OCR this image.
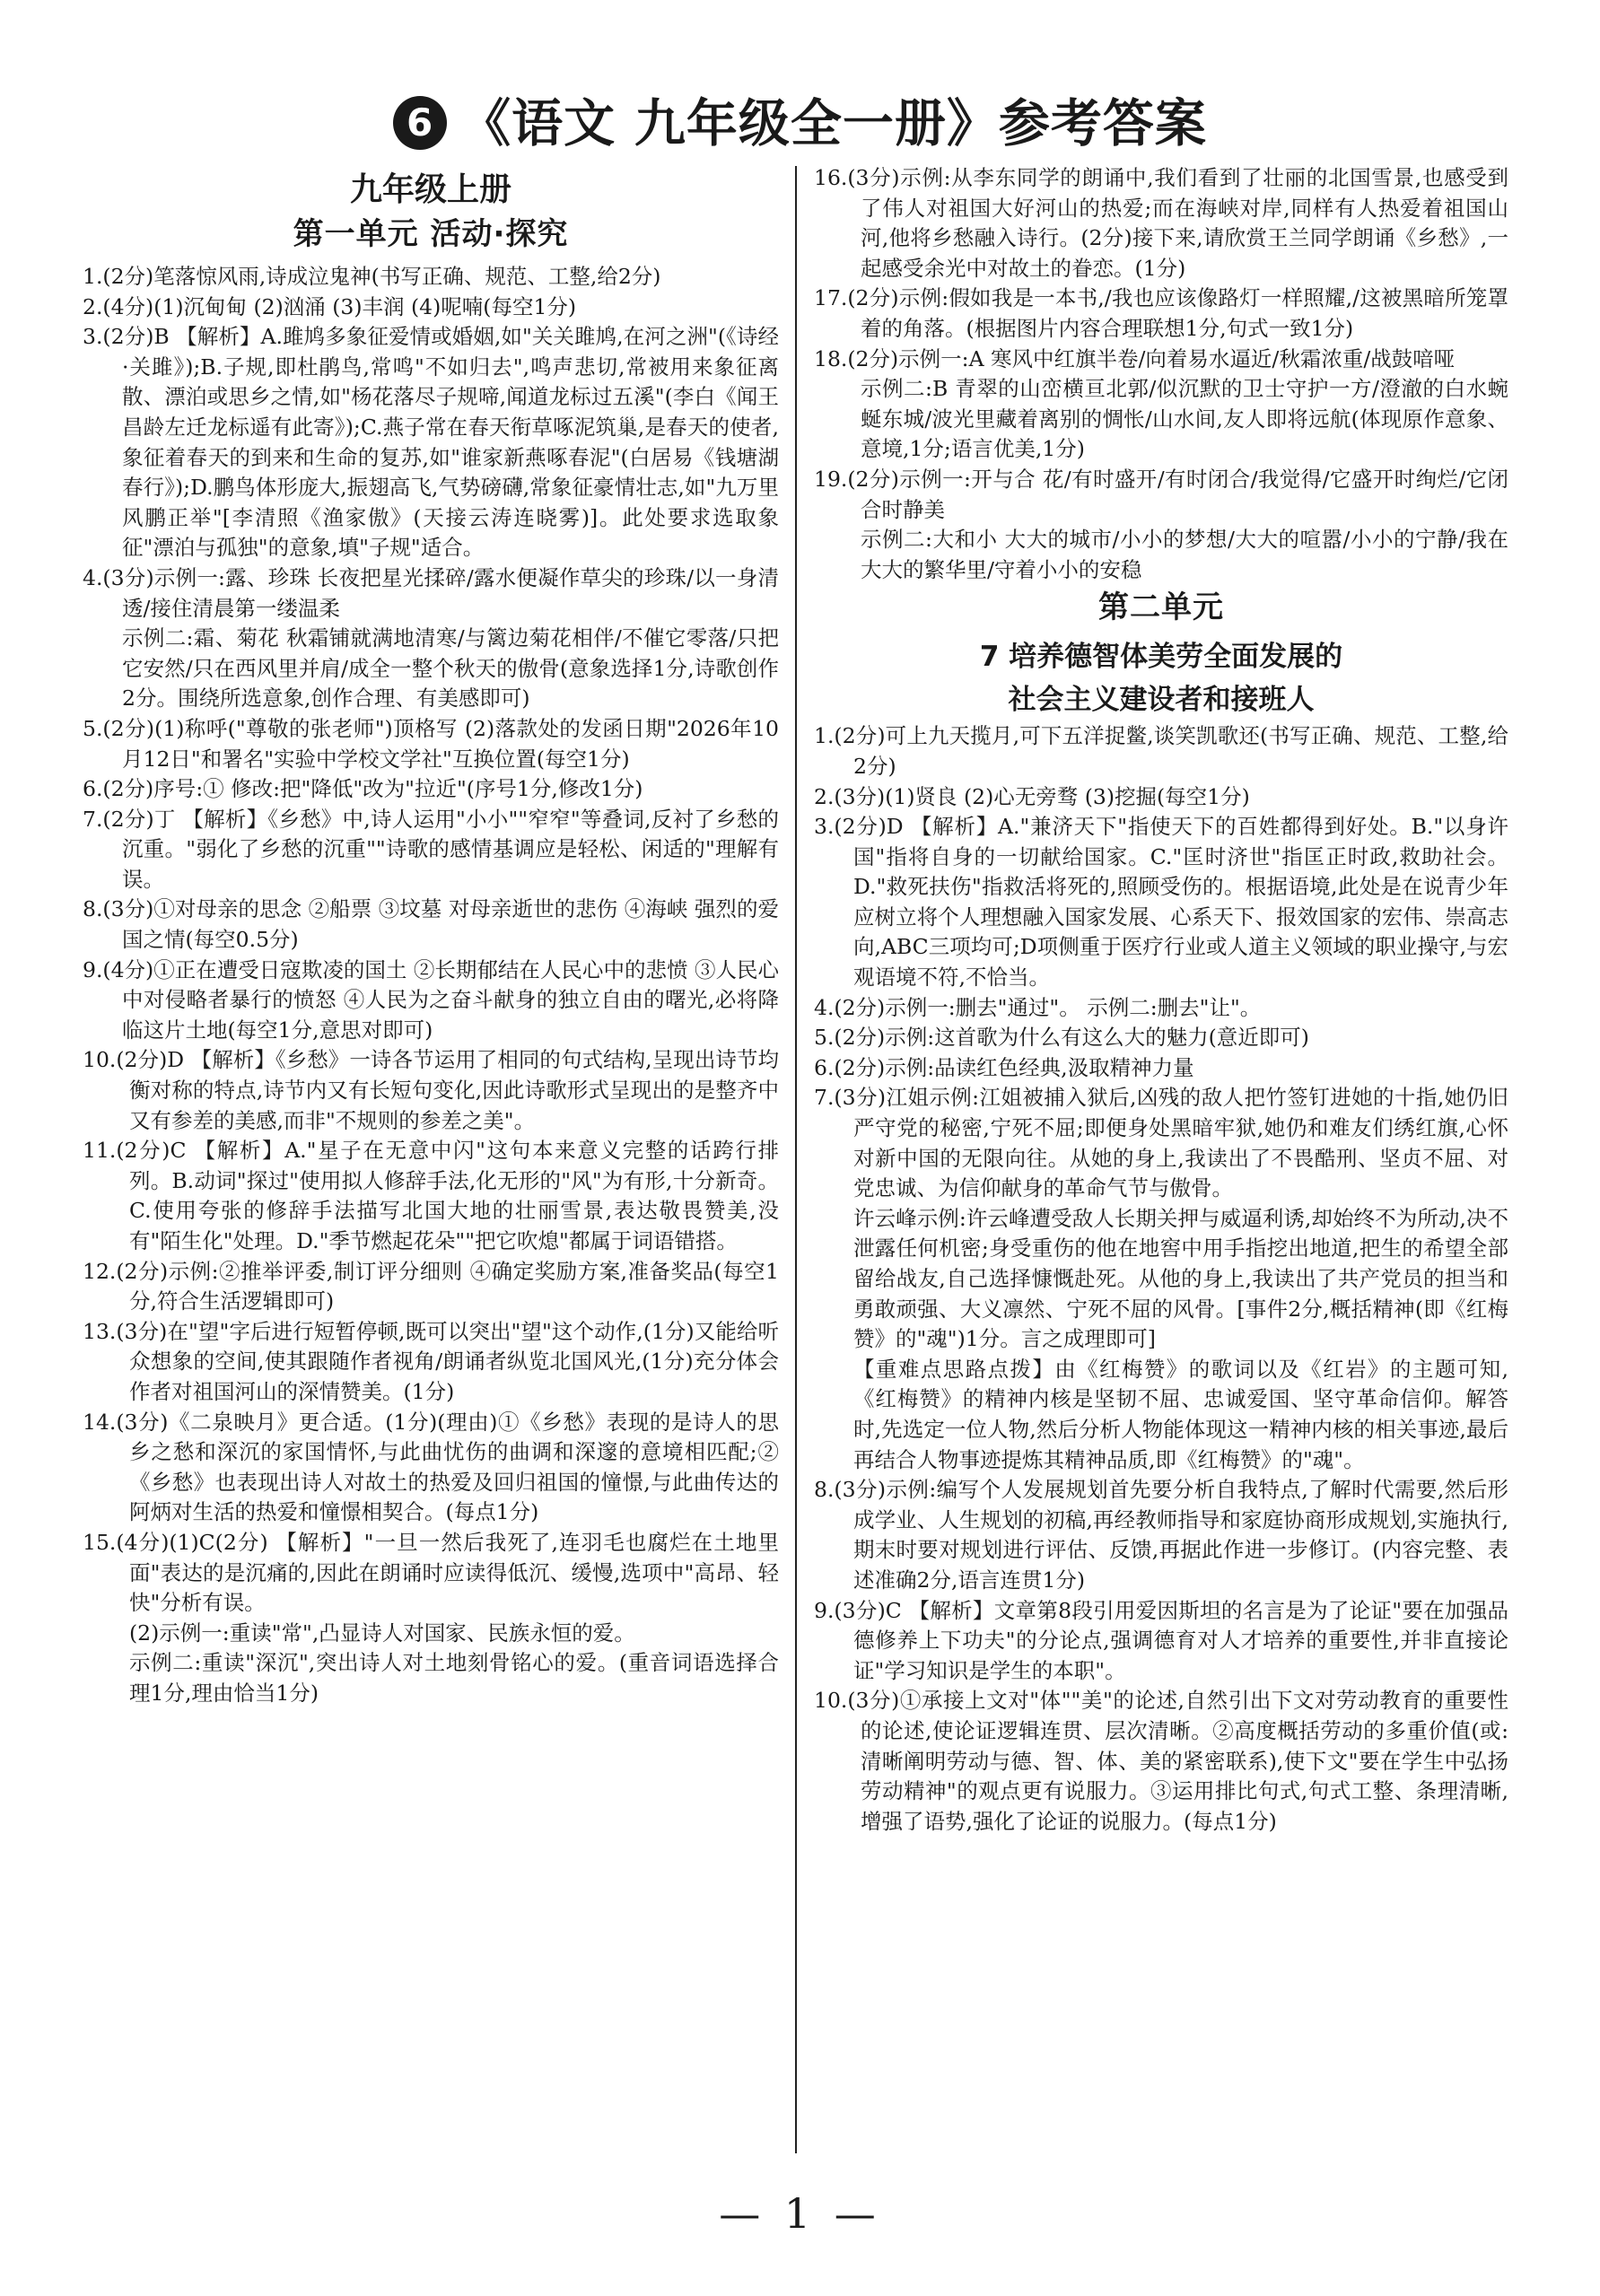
6 《语文 九年级全一册》参考答案
九年级上册
第一单元 活动·探究

1.(2分)笔落惊风雨,诗成泣鬼神(书写正确、规范、工整,给2分)

2.(4分)(1)沉甸甸 (2)汹涌 (3)丰润 (4)呢喃(每空1分)

3.(2分)B 【解析】A.雎鸠多象征爱情或婚姻,如"关关雎鸠,在河之洲"(《诗经·关雎》);B.子规,即杜鹃鸟,常鸣"不如归去",鸣声悲切,常被用来象征离散、漂泊或思乡之情,如"杨花落尽子规啼,闻道龙标过五溪"(李白《闻王昌龄左迁龙标遥有此寄》);C.燕子常在春天衔草啄泥筑巢,是春天的使者,象征着春天的到来和生命的复苏,如"谁家新燕啄春泥"(白居易《钱塘湖春行》);D.鹏鸟体形庞大,振翅高飞,气势磅礴,常象征豪情壮志,如"九万里风鹏正举"[李清照《渔家傲》(天接云涛连晓雾)]。此处要求选取象征"漂泊与孤独"的意象,填"子规"适合。

4.(3分)示例一:露、珍珠 长夜把星光揉碎/露水便凝作草尖的珍珠/以一身清透/接住清晨第一缕温柔

示例二:霜、菊花 秋霜铺就满地清寒/与篱边菊花相伴/不催它零落/只把它安然/只在西风里并肩/成全一整个秋天的傲骨(意象选择1分,诗歌创作2分。围绕所选意象,创作合理、有美感即可)

5.(2分)(1)称呼("尊敬的张老师")顶格写 (2)落款处的发函日期"2026年10月12日"和署名"实验中学校文学社"互换位置(每空1分)

6.(2分)序号:① 修改:把"降低"改为"拉近"(序号1分,修改1分)

7.(2分)丁 【解析】《乡愁》中,诗人运用"小小""窄窄"等叠词,反衬了乡愁的沉重。"弱化了乡愁的沉重""诗歌的感情基调应是轻松、闲适的"理解有误。

8.(3分)①对母亲的思念 ②船票 ③坟墓 对母亲逝世的悲伤 ④海峡 强烈的爱国之情(每空0.5分)

9.(4分)①正在遭受日寇欺凌的国土 ②长期郁结在人民心中的悲愤 ③人民心中对侵略者暴行的愤怒 ④人民为之奋斗献身的独立自由的曙光,必将降临这片土地(每空1分,意思对即可)

10.(2分)D 【解析】《乡愁》一诗各节运用了相同的句式结构,呈现出诗节均衡对称的特点,诗节内又有长短句变化,因此诗歌形式呈现出的是整齐中又有参差的美感,而非"不规则的参差之美"。

11.(2分)C 【解析】A."星子在无意中闪"这句本来意义完整的话跨行排列。B.动词"探过"使用拟人修辞手法,化无形的"风"为有形,十分新奇。C.使用夸张的修辞手法描写北国大地的壮丽雪景,表达敬畏赞美,没有"陌生化"处理。D."季节燃起花朵""把它吹熄"都属于词语错搭。

12.(2分)示例:②推举评委,制订评分细则 ④确定奖励方案,准备奖品(每空1分,符合生活逻辑即可)

13.(3分)在"望"字后进行短暂停顿,既可以突出"望"这个动作,(1分)又能给听众想象的空间,使其跟随作者视角/朗诵者纵览北国风光,(1分)充分体会作者对祖国河山的深情赞美。(1分)

14.(3分)《二泉映月》更合适。(1分)(理由)①《乡愁》表现的是诗人的思乡之愁和深沉的家国情怀,与此曲忧伤的曲调和深邃的意境相匹配;②《乡愁》也表现出诗人对故土的热爱及回归祖国的憧憬,与此曲传达的阿炳对生活的热爱和憧憬相契合。(每点1分)

15.(4分)(1)C(2分) 【解析】"一旦一然后我死了,连羽毛也腐烂在土地里面"表达的是沉痛的,因此在朗诵时应读得低沉、缓慢,选项中"高昂、轻快"分析有误。

(2)示例一:重读"常",凸显诗人对国家、民族永恒的爱。

示例二:重读"深沉",突出诗人对土地刻骨铭心的爱。(重音词语选择合理1分,理由恰当1分)

16.(3分)示例:从李东同学的朗诵中,我们看到了壮丽的北国雪景,也感受到了伟人对祖国大好河山的热爱;而在海峡对岸,同样有人热爱着祖国山河,他将乡愁融入诗行。(2分)接下来,请欣赏王兰同学朗诵《乡愁》,一起感受余光中对故土的眷恋。(1分)

17.(2分)示例:假如我是一本书,/我也应该像路灯一样照耀,/这被黑暗所笼罩着的角落。(根据图片内容合理联想1分,句式一致1分)

18.(2分)示例一:A 寒风中红旗半卷/向着易水逼近/秋霜浓重/战鼓喑哑

示例二:B 青翠的山峦横亘北郭/似沉默的卫士守护一方/澄澈的白水蜿蜒东城/波光里藏着离别的惆怅/山水间,友人即将远航(体现原作意象、意境,1分;语言优美,1分)

19.(2分)示例一:开与合 花/有时盛开/有时闭合/我觉得/它盛开时绚烂/它闭合时静美

示例二:大和小 大大的城市/小小的梦想/大大的喧嚣/小小的宁静/我在大大的繁华里/守着小小的安稳

第二单元
7 培养德智体美劳全面发展的
社会主义建设者和接班人

1.(2分)可上九天揽月,可下五洋捉鳖,谈笑凯歌还(书写正确、规范、工整,给2分)

2.(3分)(1)贤良 (2)心无旁骛 (3)挖掘(每空1分)

3.(2分)D 【解析】A."兼济天下"指使天下的百姓都得到好处。B."以身许国"指将自身的一切献给国家。C."匡时济世"指匡正时政,救助社会。D."救死扶伤"指救活将死的,照顾受伤的。根据语境,此处是在说青少年应树立将个人理想融入国家发展、心系天下、报效国家的宏伟、崇高志向,ABC三项均可;D项侧重于医疗行业或人道主义领域的职业操守,与宏观语境不符,不恰当。

4.(2分)示例一:删去"通过"。 示例二:删去"让"。

5.(2分)示例:这首歌为什么有这么大的魅力(意近即可)

6.(2分)示例:品读红色经典,汲取精神力量

7.(3分)江姐示例:江姐被捕入狱后,凶残的敌人把竹签钉进她的十指,她仍旧严守党的秘密,宁死不屈;即便身处黑暗牢狱,她仍和难友们绣红旗,心怀对新中国的无限向往。从她的身上,我读出了不畏酷刑、坚贞不屈、对党忠诚、为信仰献身的革命气节与傲骨。

许云峰示例:许云峰遭受敌人长期关押与威逼利诱,却始终不为所动,决不泄露任何机密;身受重伤的他在地窖中用手指挖出地道,把生的希望全部留给战友,自己选择慷慨赴死。从他的身上,我读出了共产党员的担当和勇敢顽强、大义凛然、宁死不屈的风骨。[事件2分,概括精神(即《红梅赞》的"魂")1分。言之成理即可]

【重难点思路点拨】由《红梅赞》的歌词以及《红岩》的主题可知,《红梅赞》的精神内核是坚韧不屈、忠诚爱国、坚守革命信仰。解答时,先选定一位人物,然后分析人物能体现这一精神内核的相关事迹,最后再结合人物事迹提炼其精神品质,即《红梅赞》的"魂"。

8.(3分)示例:编写个人发展规划首先要分析自我特点,了解时代需要,然后形成学业、人生规划的初稿,再经教师指导和家庭协商形成规划,实施执行,期末时要对规划进行评估、反馈,再据此作进一步修订。(内容完整、表述准确2分,语言连贯1分)

9.(3分)C 【解析】文章第8段引用爱因斯坦的名言是为了论证"要在加强品德修养上下功夫"的分论点,强调德育对人才培养的重要性,并非直接论证"学习知识是学生的本职"。

10.(3分)①承接上文对"体""美"的论述,自然引出下文对劳动教育的重要性的论述,使论证逻辑连贯、层次清晰。②高度概括劳动的多重价值(或:清晰阐明劳动与德、智、体、美的紧密联系),使下文"要在学生中弘扬劳动精神"的观点更有说服力。③运用排比句式,句式工整、条理清晰,增强了语势,强化了论证的说服力。(每点1分)

— 1 —
